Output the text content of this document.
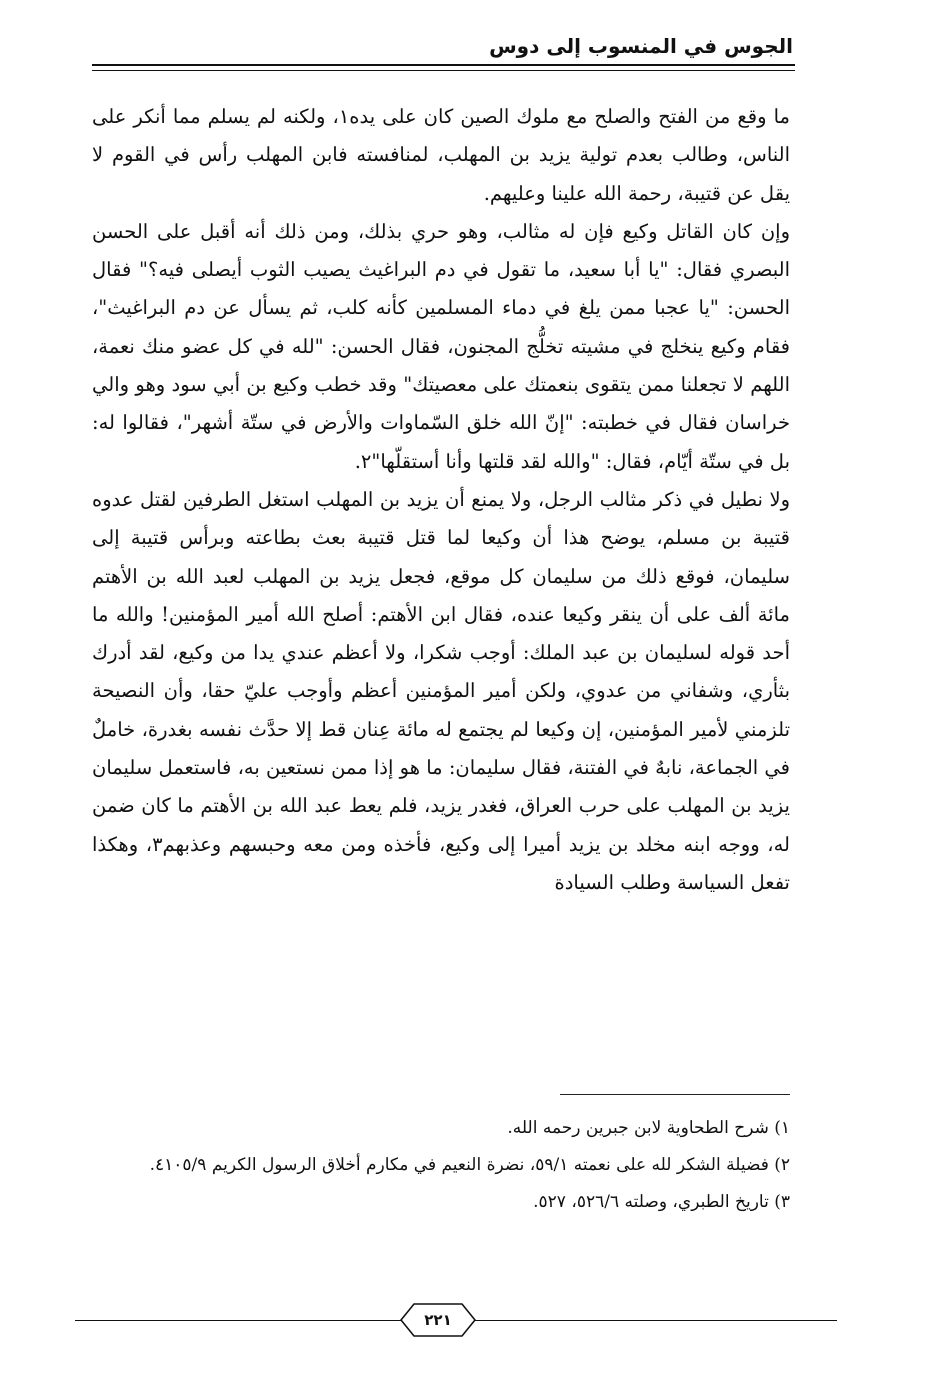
الجوس في المنسوب إلى دوس

ما وقع من الفتح والصلح مع ملوك الصين كان على يده١، ولكنه لم يسلم مما أنكر على الناس، وطالب بعدم تولية يزيد بن المهلب، لمنافسته فابن المهلب رأس في القوم لا يقل عن قتيبة، رحمة الله علينا وعليهم.

وإن كان القاتل وكيع فإن له مثالب، وهو حري بذلك، ومن ذلك أنه أقبل على الحسن البصري فقال: "يا أبا سعيد، ما تقول في دم البراغيث يصيب الثوب أيصلى فيه؟" فقال الحسن: "يا عجبا ممن يلغ في دماء المسلمين كأنه كلب، ثم يسأل عن دم البراغيث"، فقام وكيع ينخلج في مشيته تخلُّج المجنون، فقال الحسن: "لله في كل عضو منك نعمة، اللهم لا تجعلنا ممن يتقوى بنعمتك على معصيتك" وقد خطب وكيع بن أبي سود وهو والي خراسان فقال في خطبته: "إنّ الله خلق السّماوات والأرض في ستّة أشهر"، فقالوا له: بل في ستّة أيّام، فقال: "والله لقد قلتها وأنا أستقلّها"٢.

ولا نطيل في ذكر مثالب الرجل، ولا يمنع أن يزيد بن المهلب استغل الطرفين لقتل عدوه قتيبة بن مسلم، يوضح هذا أن وكيعا لما قتل قتيبة بعث بطاعته وبرأس قتيبة إلى سليمان، فوقع ذلك من سليمان كل موقع، فجعل يزيد بن المهلب لعبد الله بن الأهتم مائة ألف على أن ينقر وكيعا عنده، فقال ابن الأهتم: أصلح الله أمير المؤمنين! والله ما أحد قوله لسليمان بن عبد الملك: أوجب شكرا، ولا أعظم عندي يدا من وكيع، لقد أدرك بثأري، وشفاني من عدوي، ولكن أمير المؤمنين أعظم وأوجب عليّ حقا، وأن النصيحة تلزمني لأمير المؤمنين، إن وكيعا لم يجتمع له مائة عِنان قط إلا حدَّث نفسه بغدرة، خاملٌ في الجماعة، نابهٌ في الفتنة، فقال سليمان: ما هو إذا ممن نستعين به، فاستعمل سليمان يزيد بن المهلب على حرب العراق، فغدر يزيد، فلم يعط عبد الله بن الأهتم ما كان ضمن له، ووجه ابنه مخلد بن يزيد أميرا إلى وكيع، فأخذه ومن معه وحبسهم وعذبهم٣، وهكذا تفعل السياسة وطلب السيادة

١) شرح الطحاوية لابن جبرين رحمه الله.

٢) فضيلة الشكر لله على نعمته ٥٩/١، نضرة النعيم في مكارم أخلاق الرسول الكريم ٤١٠٥/٩.

٣) تاريخ الطبري، وصلته ٥٢٦/٦، ٥٢٧.

٢٢١
